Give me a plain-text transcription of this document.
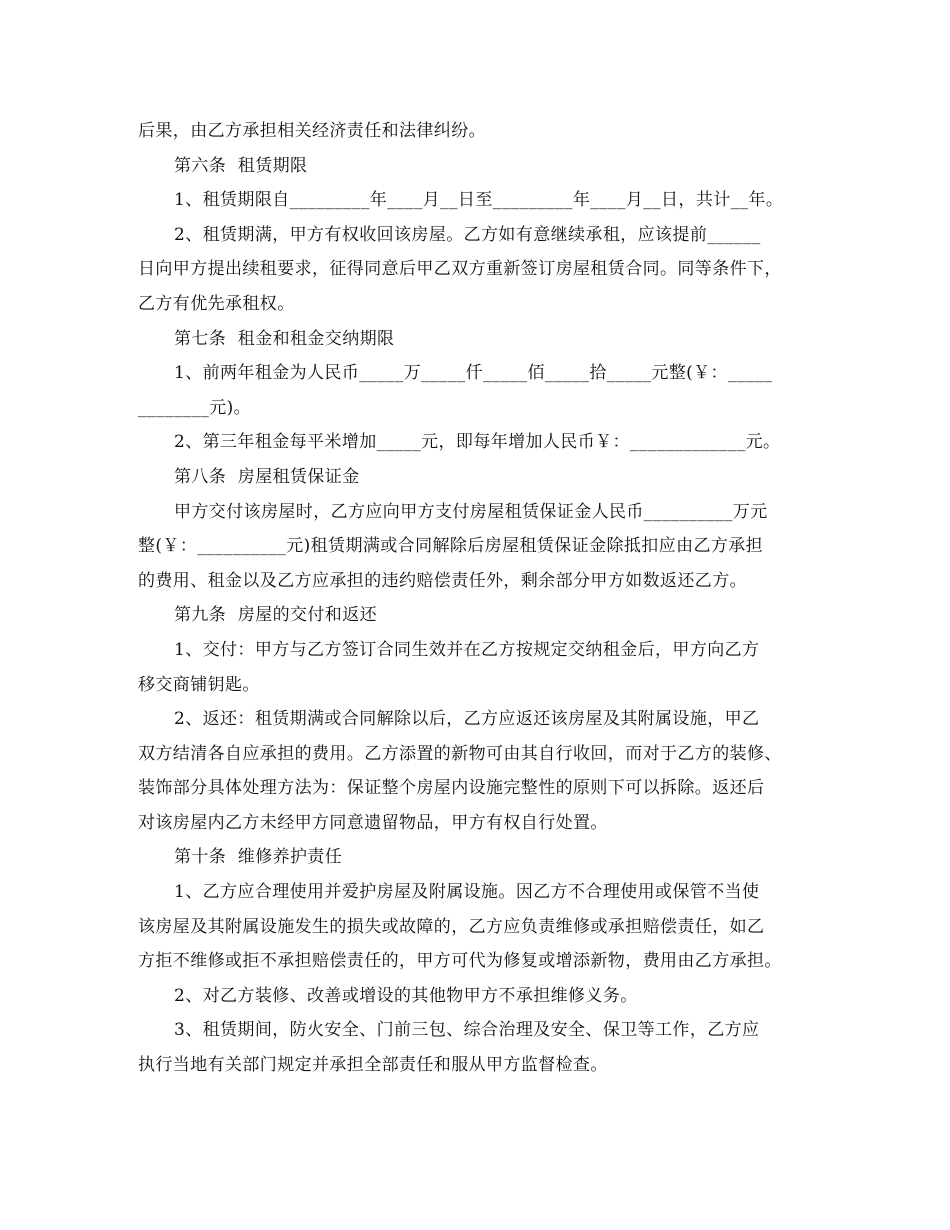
后果，由乙方承担相关经济责任和法律纠纷。
第六条  租赁期限
1、租赁期限自_________年____月__日至_________年____月__日，共计__年。
2、租赁期满，甲方有权收回该房屋。乙方如有意继续承租，应该提前______
日向甲方提出续租要求，征得同意后甲乙双方重新签订房屋租赁合同。同等条件下，
乙方有优先承租权。
第七条  租金和租金交纳期限
1、前两年租金为人民币_____万_____仟_____佰_____拾_____元整(￥：_____
________元)。
2、第三年租金每平米增加_____元，即每年增加人民币￥：_____________元。
第八条  房屋租赁保证金
甲方交付该房屋时，乙方应向甲方支付房屋租赁保证金人民币__________万元
整(￥：__________元)租赁期满或合同解除后房屋租赁保证金除抵扣应由乙方承担
的费用、租金以及乙方应承担的违约赔偿责任外，剩余部分甲方如数返还乙方。
第九条  房屋的交付和返还
1、交付：甲方与乙方签订合同生效并在乙方按规定交纳租金后，甲方向乙方
移交商铺钥匙。
2、返还：租赁期满或合同解除以后，乙方应返还该房屋及其附属设施，甲乙
双方结清各自应承担的费用。乙方添置的新物可由其自行收回，而对于乙方的装修、
装饰部分具体处理方法为：保证整个房屋内设施完整性的原则下可以拆除。返还后
对该房屋内乙方未经甲方同意遗留物品，甲方有权自行处置。
第十条  维修养护责任
1、乙方应合理使用并爱护房屋及附属设施。因乙方不合理使用或保管不当使
该房屋及其附属设施发生的损失或故障的，乙方应负责维修或承担赔偿责任，如乙
方拒不维修或拒不承担赔偿责任的，甲方可代为修复或增添新物，费用由乙方承担。
2、对乙方装修、改善或增设的其他物甲方不承担维修义务。
3、租赁期间，防火安全、门前三包、综合治理及安全、保卫等工作，乙方应
执行当地有关部门规定并承担全部责任和服从甲方监督检查。
